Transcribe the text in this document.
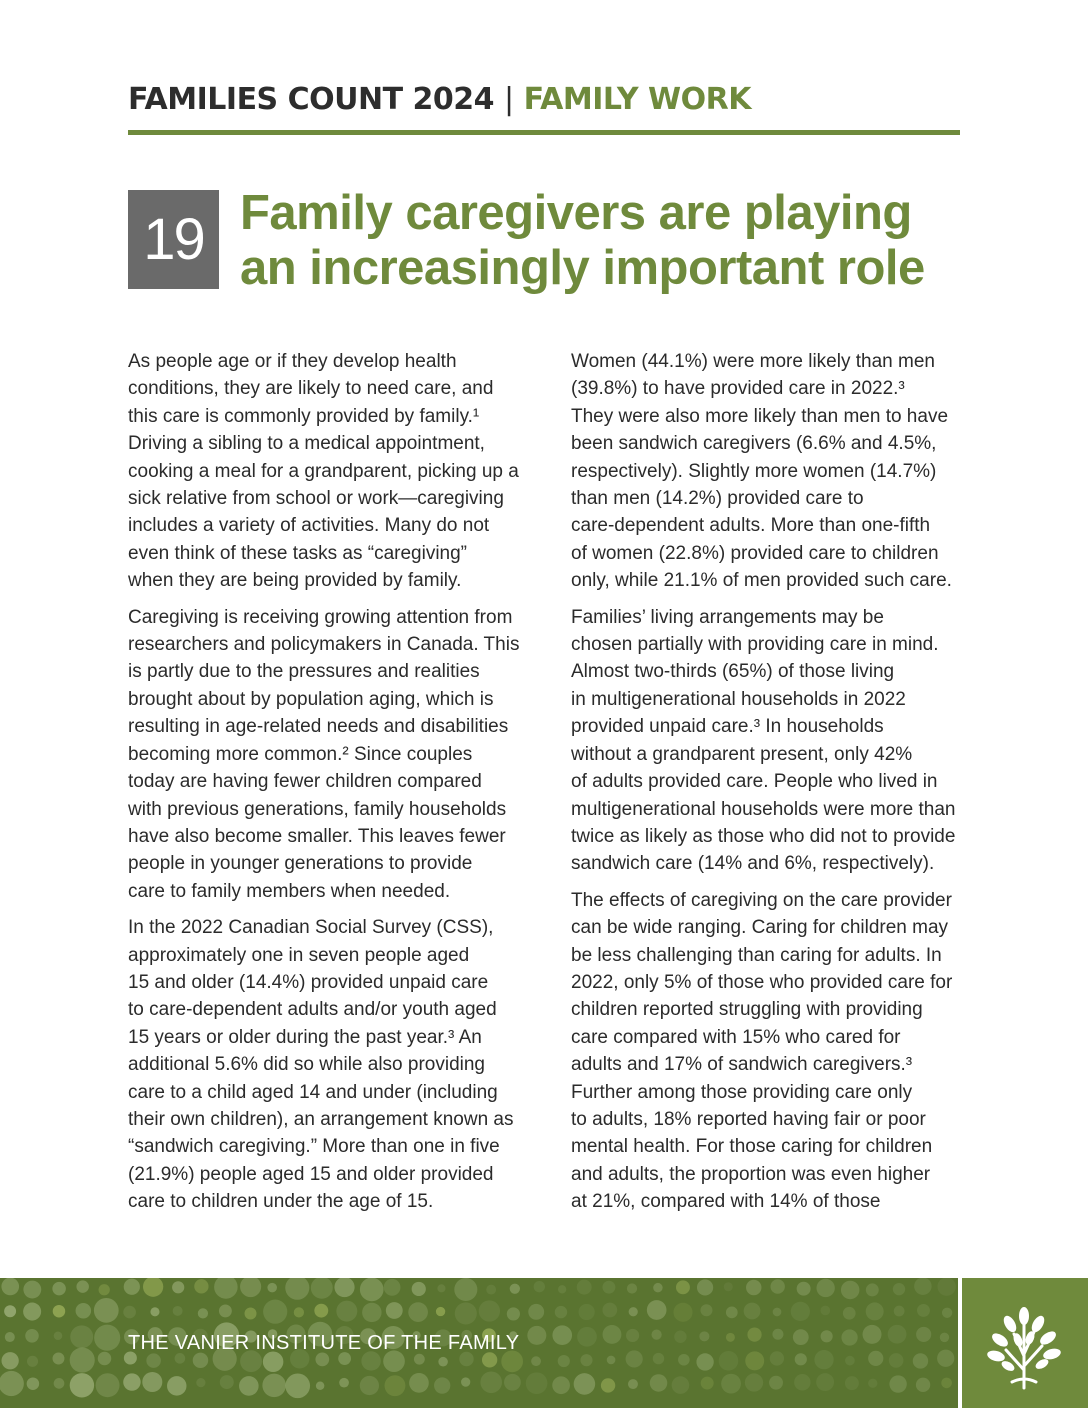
FAMILIES COUNT 2024 | FAMILY WORK
19 Family caregivers are playing
an increasingly important role

As people age or if they develop health
conditions, they are likely to need care, and
this care is commonly provided by family.¹
Driving a sibling to a medical appointment,
cooking a meal for a grandparent, picking up a
sick relative from school or work—caregiving
includes a variety of activities. Many do not
even think of these tasks as “caregiving”
when they are being provided by family.

Caregiving is receiving growing attention from
researchers and policymakers in Canada. This
is partly due to the pressures and realities
brought about by population aging, which is
resulting in age-related needs and disabilities
becoming more common.² Since couples
today are having fewer children compared
with previous generations, family households
have also become smaller. This leaves fewer
people in younger generations to provide
care to family members when needed.

In the 2022 Canadian Social Survey (CSS),
approximately one in seven people aged
15 and older (14.4%) provided unpaid care
to care-dependent adults and/or youth aged
15 years or older during the past year.³ An
additional 5.6% did so while also providing
care to a child aged 14 and under (including
their own children), an arrangement known as
“sandwich caregiving.” More than one in five
(21.9%) people aged 15 and older provided
care to children under the age of 15.

Women (44.1%) were more likely than men
(39.8%) to have provided care in 2022.³
They were also more likely than men to have
been sandwich caregivers (6.6% and 4.5%,
respectively). Slightly more women (14.7%)
than men (14.2%) provided care to
care-dependent adults. More than one-fifth
of women (22.8%) provided care to children
only, while 21.1% of men provided such care.

Families’ living arrangements may be
chosen partially with providing care in mind.
Almost two-thirds (65%) of those living
in multigenerational households in 2022
provided unpaid care.³ In households
without a grandparent present, only 42%
of adults provided care. People who lived in
multigenerational households were more than
twice as likely as those who did not to provide
sandwich care (14% and 6%, respectively).

The effects of caregiving on the care provider
can be wide ranging. Caring for children may
be less challenging than caring for adults. In
2022, only 5% of those who provided care for
children reported struggling with providing
care compared with 15% who cared for
adults and 17% of sandwich caregivers.³
Further among those providing care only
to adults, 18% reported having fair or poor
mental health. For those caring for children
and adults, the proportion was even higher
at 21%, compared with 14% of those

THE VANIER INSTITUTE OF THE FAMILY
